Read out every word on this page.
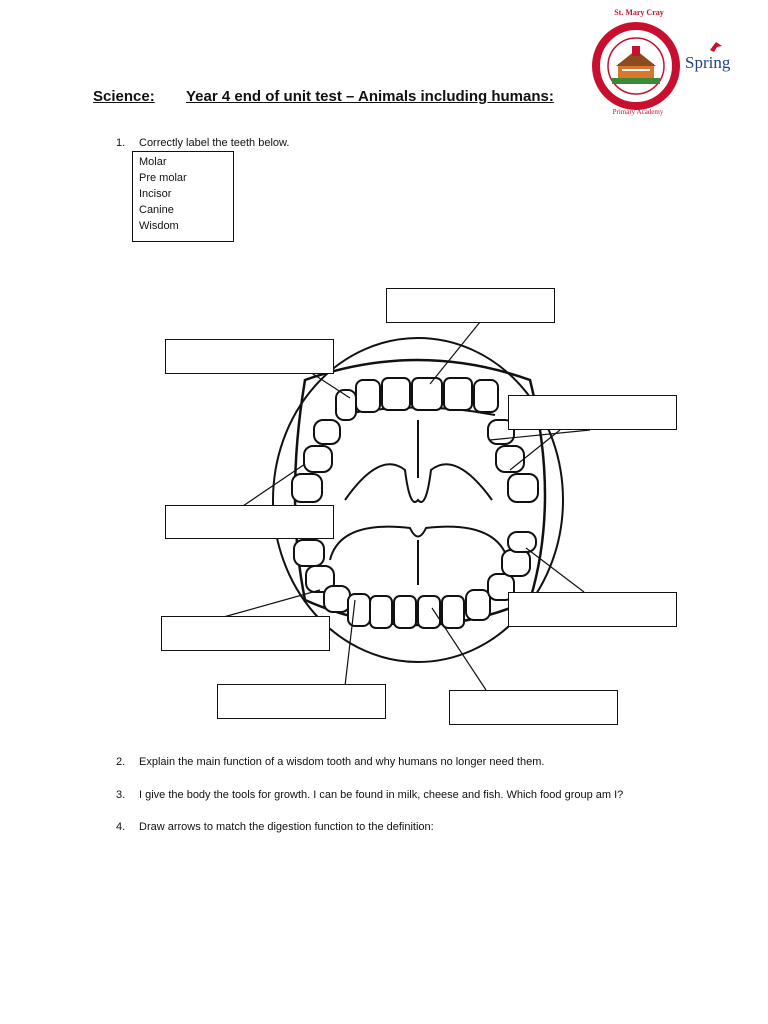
St. Mary Cray
Primary Academy
Spring
Science: Year 4 end of unit test – Animals including humans:
1. Correctly label the teeth below.
Molar
Pre molar
Incisor
Canine
Wisdom
2. Explain the main function of a wisdom tooth and why humans no longer need them.
3. I give the body the tools for growth. I can be found in milk, cheese and fish. Which food group am I?
4. Draw arrows to match the digestion function to the definition:
